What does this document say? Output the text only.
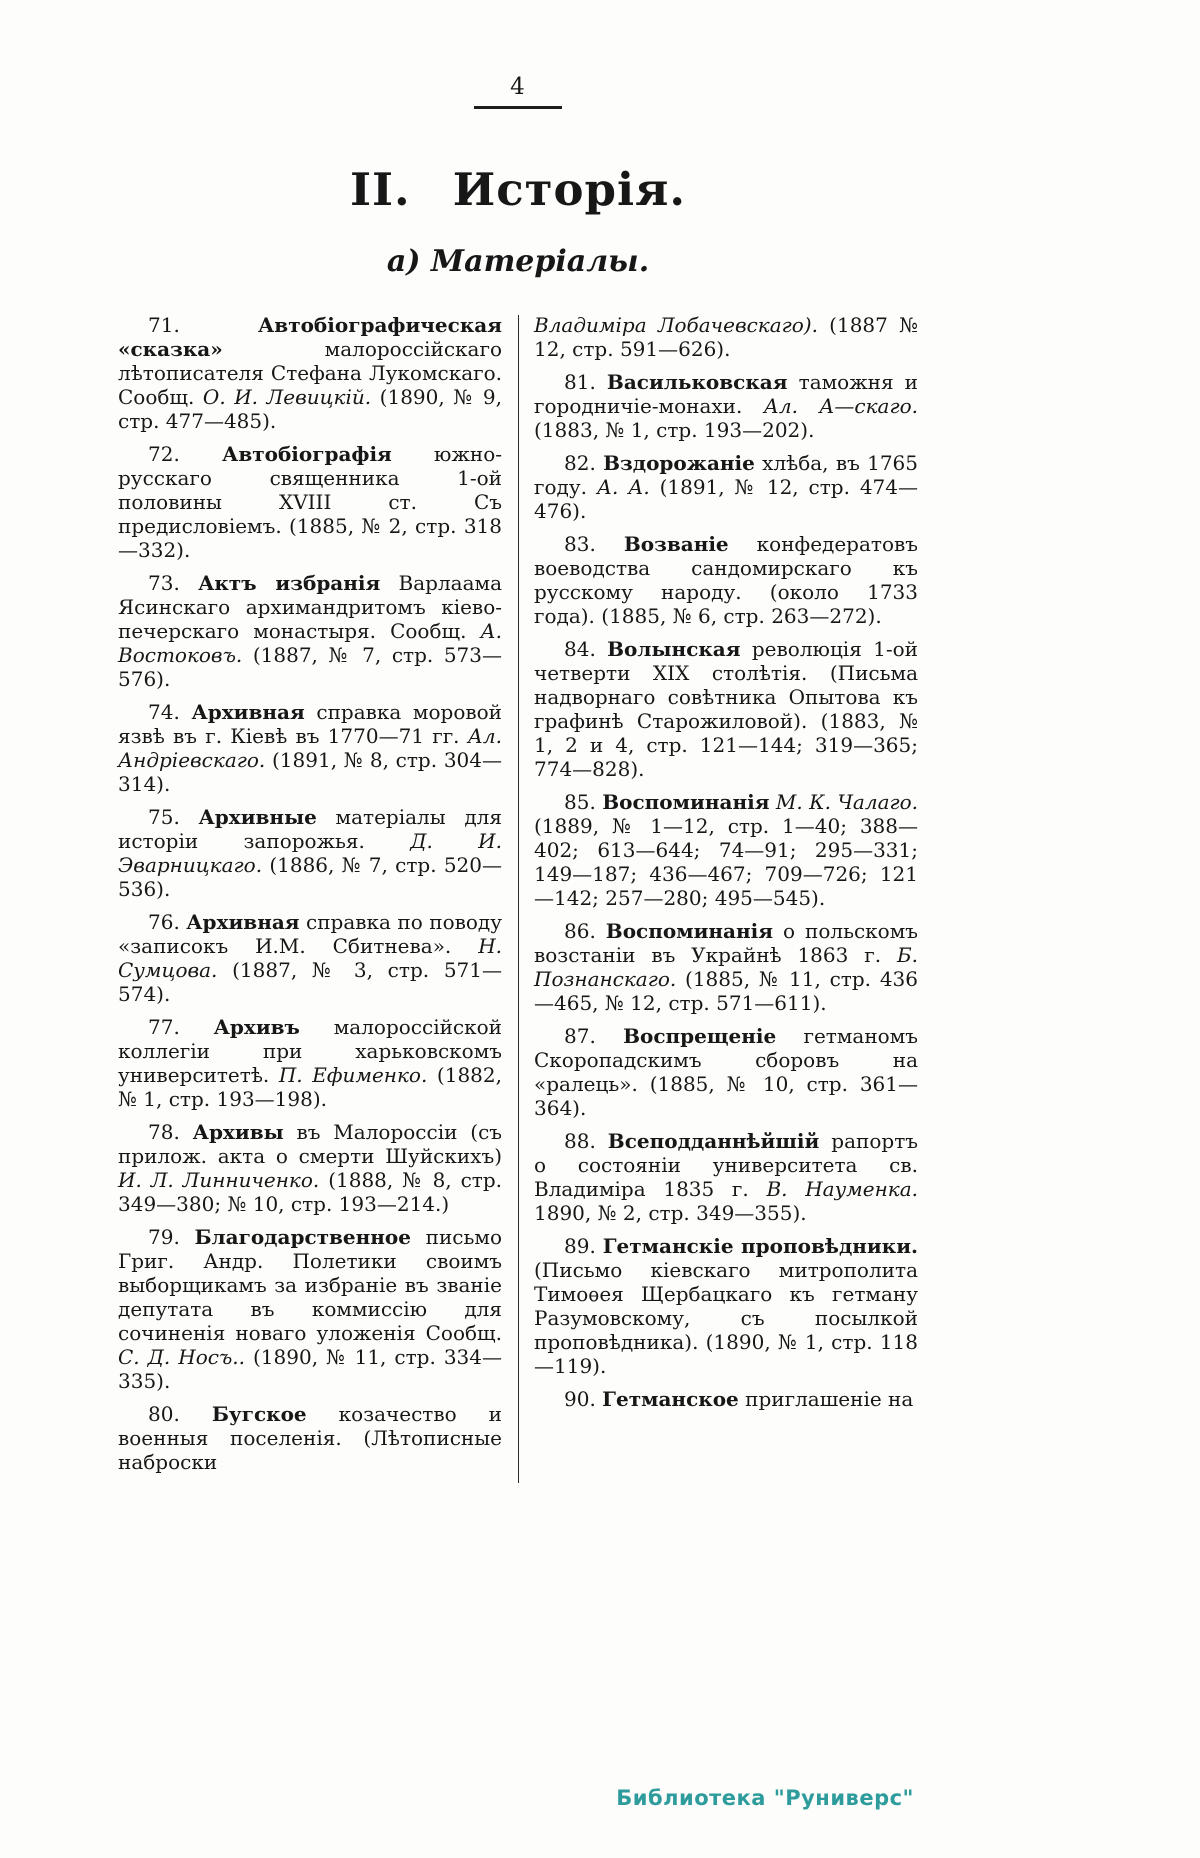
4
II. Исторія.
а) Матеріалы.

71. Автобіографическая «сказка» малороссійскаго лѣтописателя Стефана Лукомскаго. Сообщ. О. И. Левицкій. (1890, № 9, стр. 477—485).

72. Автобіографія южно-русскаго священника 1-ой половины XVIII ст. Съ предисловіемъ. (1885, № 2, стр. 318—332).

73. Актъ избранія Варлаама Ясинскаго архимандритомъ кіево-печерскаго монастыря. Сообщ. А. Востоковъ. (1887, № 7, стр. 573—576).

74. Архивная справка моровой язвѣ въ г. Кіевѣ въ 1770—71 гг. Ал. Андріевскаго. (1891, № 8, стр. 304—314).

75. Архивные матеріалы для исторіи запорожья. Д. И. Эварницкаго. (1886, № 7, стр. 520—536).

76. Архивная справка по поводу «записокъ И.М. Сбитнева». Н. Сумцова. (1887, № 3, стр. 571—574).

77. Архивъ малороссійской коллегіи при харьковскомъ университетѣ. П. Ефименко. (1882, № 1, стр. 193—198).

78. Архивы въ Малороссіи (съ прилож. акта о смерти Шуйскихъ) И. Л. Линниченко. (1888, № 8, стр. 349—380; № 10, стр. 193—214.)

79. Благодарственное письмо Григ. Андр. Полетики своимъ выборщикамъ за избраніе въ званіе депутата въ коммиссію для сочиненія новаго уложенія Сообщ. С. Д. Носъ.. (1890, № 11, стр. 334—335).

80. Бугское козачество и военныя поселенія. (Лѣтописные наброски

Владиміра Лобачевскаго). (1887 № 12, стр. 591—626).

81. Васильковская таможня и городничіе-монахи. Ал. А—скаго. (1883, № 1, стр. 193—202).

82. Вздорожаніе хлѣба, въ 1765 году. А. А. (1891, № 12, стр. 474—476).

83. Возваніе конфедератовъ воеводства сандомирскаго къ русскому народу. (около 1733 года). (1885, № 6, стр. 263—272).

84. Волынская революція 1-ой четверти XIX столѣтія. (Письма надворнаго совѣтника Опытова къ графинѣ Старожиловой). (1883, № 1, 2 и 4, стр. 121—144; 319—365; 774—828).

85. Воспоминанія М. К. Чалаго. (1889, № 1—12, стр. 1—40; 388—402; 613—644; 74—91; 295—331; 149—187; 436—467; 709—726; 121—142; 257—280; 495—545).

86. Воспоминанія о польскомъ возстаніи въ Украйнѣ 1863 г. Б. Познанскаго. (1885, № 11, стр. 436—465, № 12, стр. 571—611).

87. Воспрещеніе гетманомъ Скоропадскимъ сборовъ на «ралець». (1885, № 10, стр. 361—364).

88. Всеподданнѣйшій рапортъ о состояніи университета св. Владиміра 1835 г. В. Науменка. 1890, № 2, стр. 349—355).

89. Гетманскіе проповѣдники. (Письмо кіевскаго митрополита Тимоѳея Щербацкаго къ гетману Разумовскому, съ посылкой проповѣдника). (1890, № 1, стр. 118—119).

90. Гетманское приглашеніе на

Библиотека "Руниверс"
